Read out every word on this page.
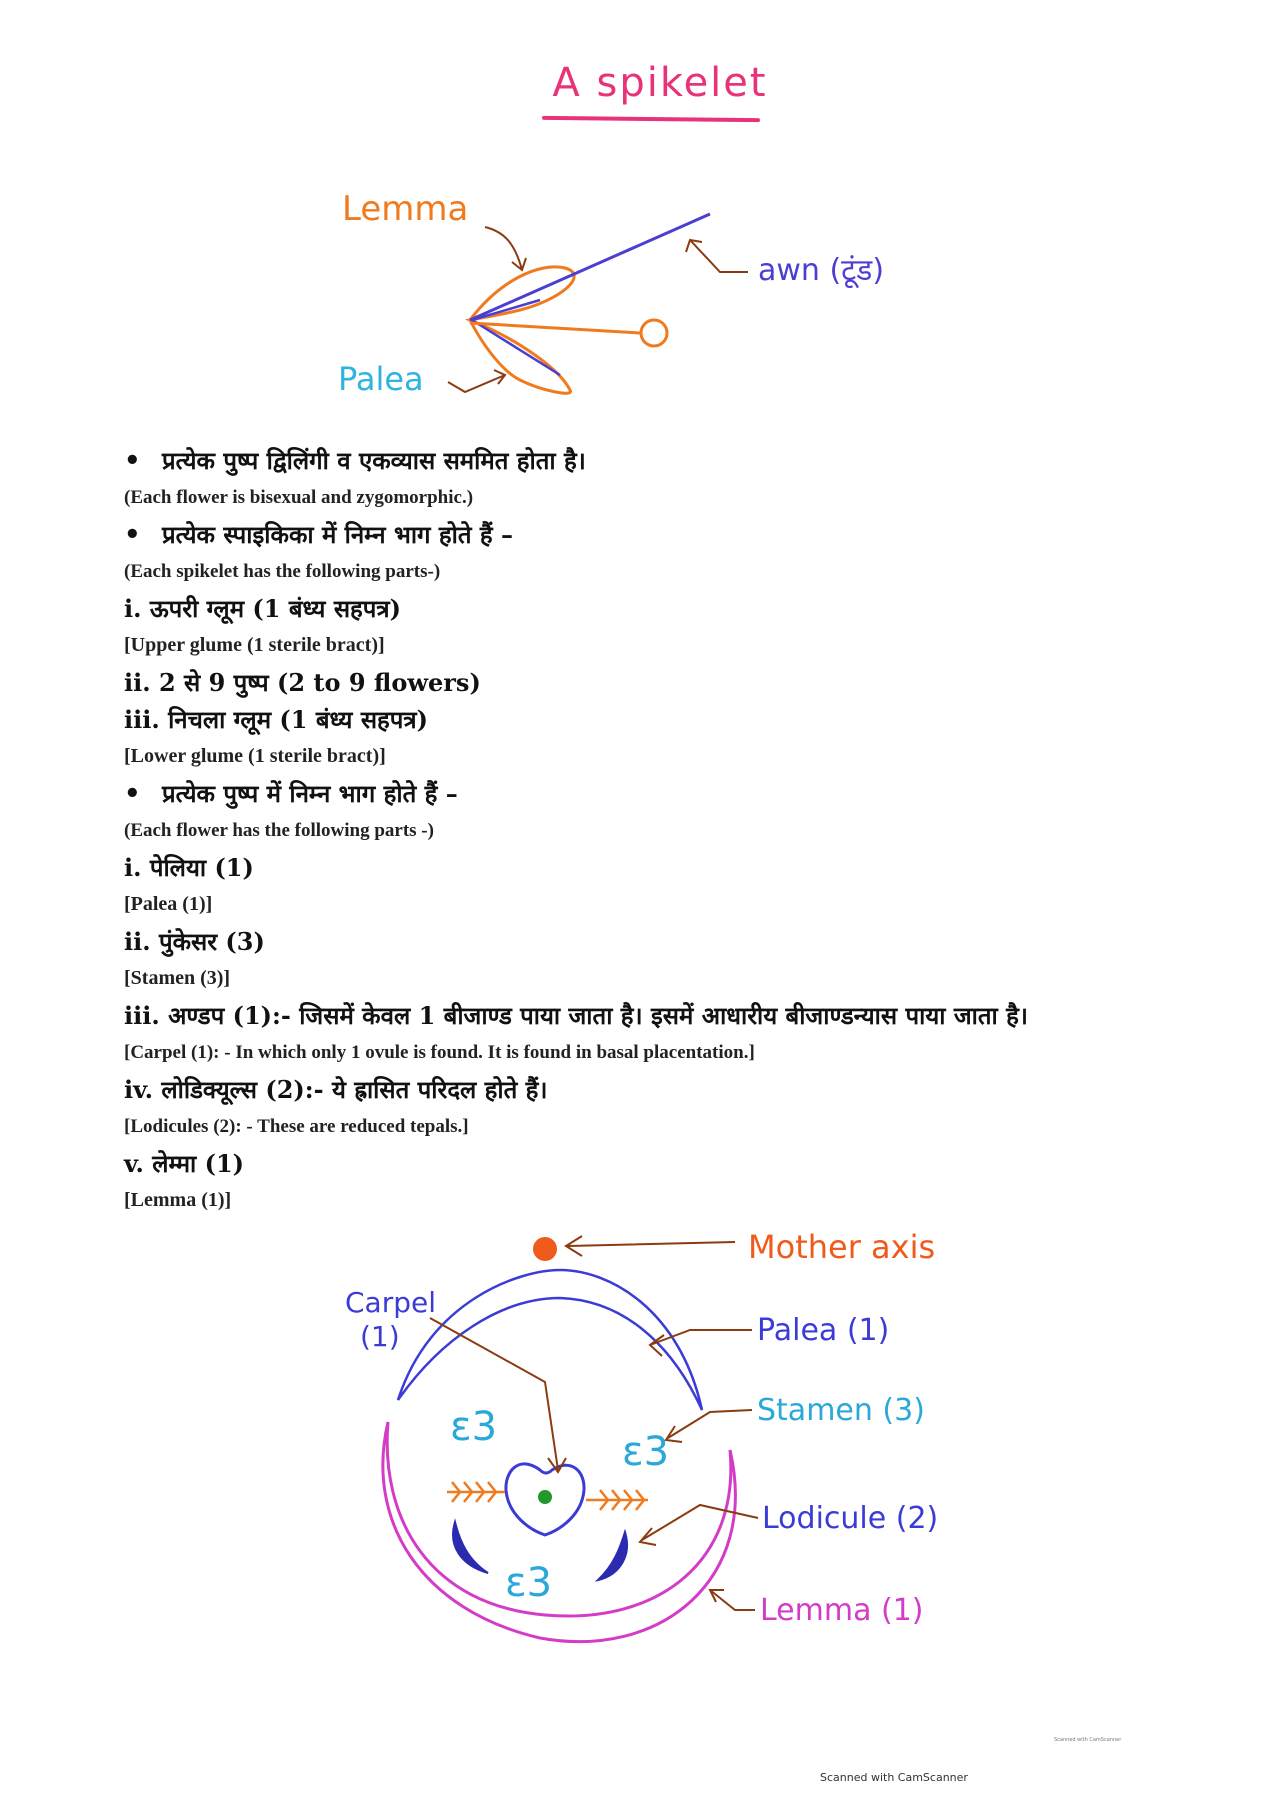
A spikelet
Lemma
Palea
awn (टूंड)
• प्रत्येक पुष्प द्विलिंगी व एकव्यास सममित होता है।
(Each flower is bisexual and zygomorphic.)
• प्रत्येक स्पाइकिका में निम्न भाग होते हैं –
(Each spikelet has the following parts-)
i. ऊपरी ग्लूम (1 बंध्य सहपत्र)
[Upper glume (1 sterile bract)]
ii. 2 से 9 पुष्प (2 to 9 flowers)
iii. निचला ग्लूम (1 बंध्य सहपत्र)
[Lower glume (1 sterile bract)]
• प्रत्येक पुष्प में निम्न भाग होते हैं –
(Each flower has the following parts -)
i. पेलिया (1)
[Palea (1)]
ii. पुंकेसर (3)
[Stamen (3)]
iii. अण्डप (1):- जिसमें केवल 1 बीजाण्ड पाया जाता है। इसमें आधारीय बीजाण्डन्यास पाया जाता है।
[Carpel (1): - In which only 1 ovule is found. It is found in basal placentation.]
iv. लोडिक्यूल्स (2):- ये ह्रासित परिदल होते हैं।
[Lodicules (2): - These are reduced tepals.]
v. लेम्मा (1)
[Lemma (1)]
Mother axis
Palea (1)
Lemma (1)
ε3
ε3
ε3
Stamen (3)
Carpel
(1)
Lodicule (2)
Scanned with CamScanner
Scanned with CamScanner
